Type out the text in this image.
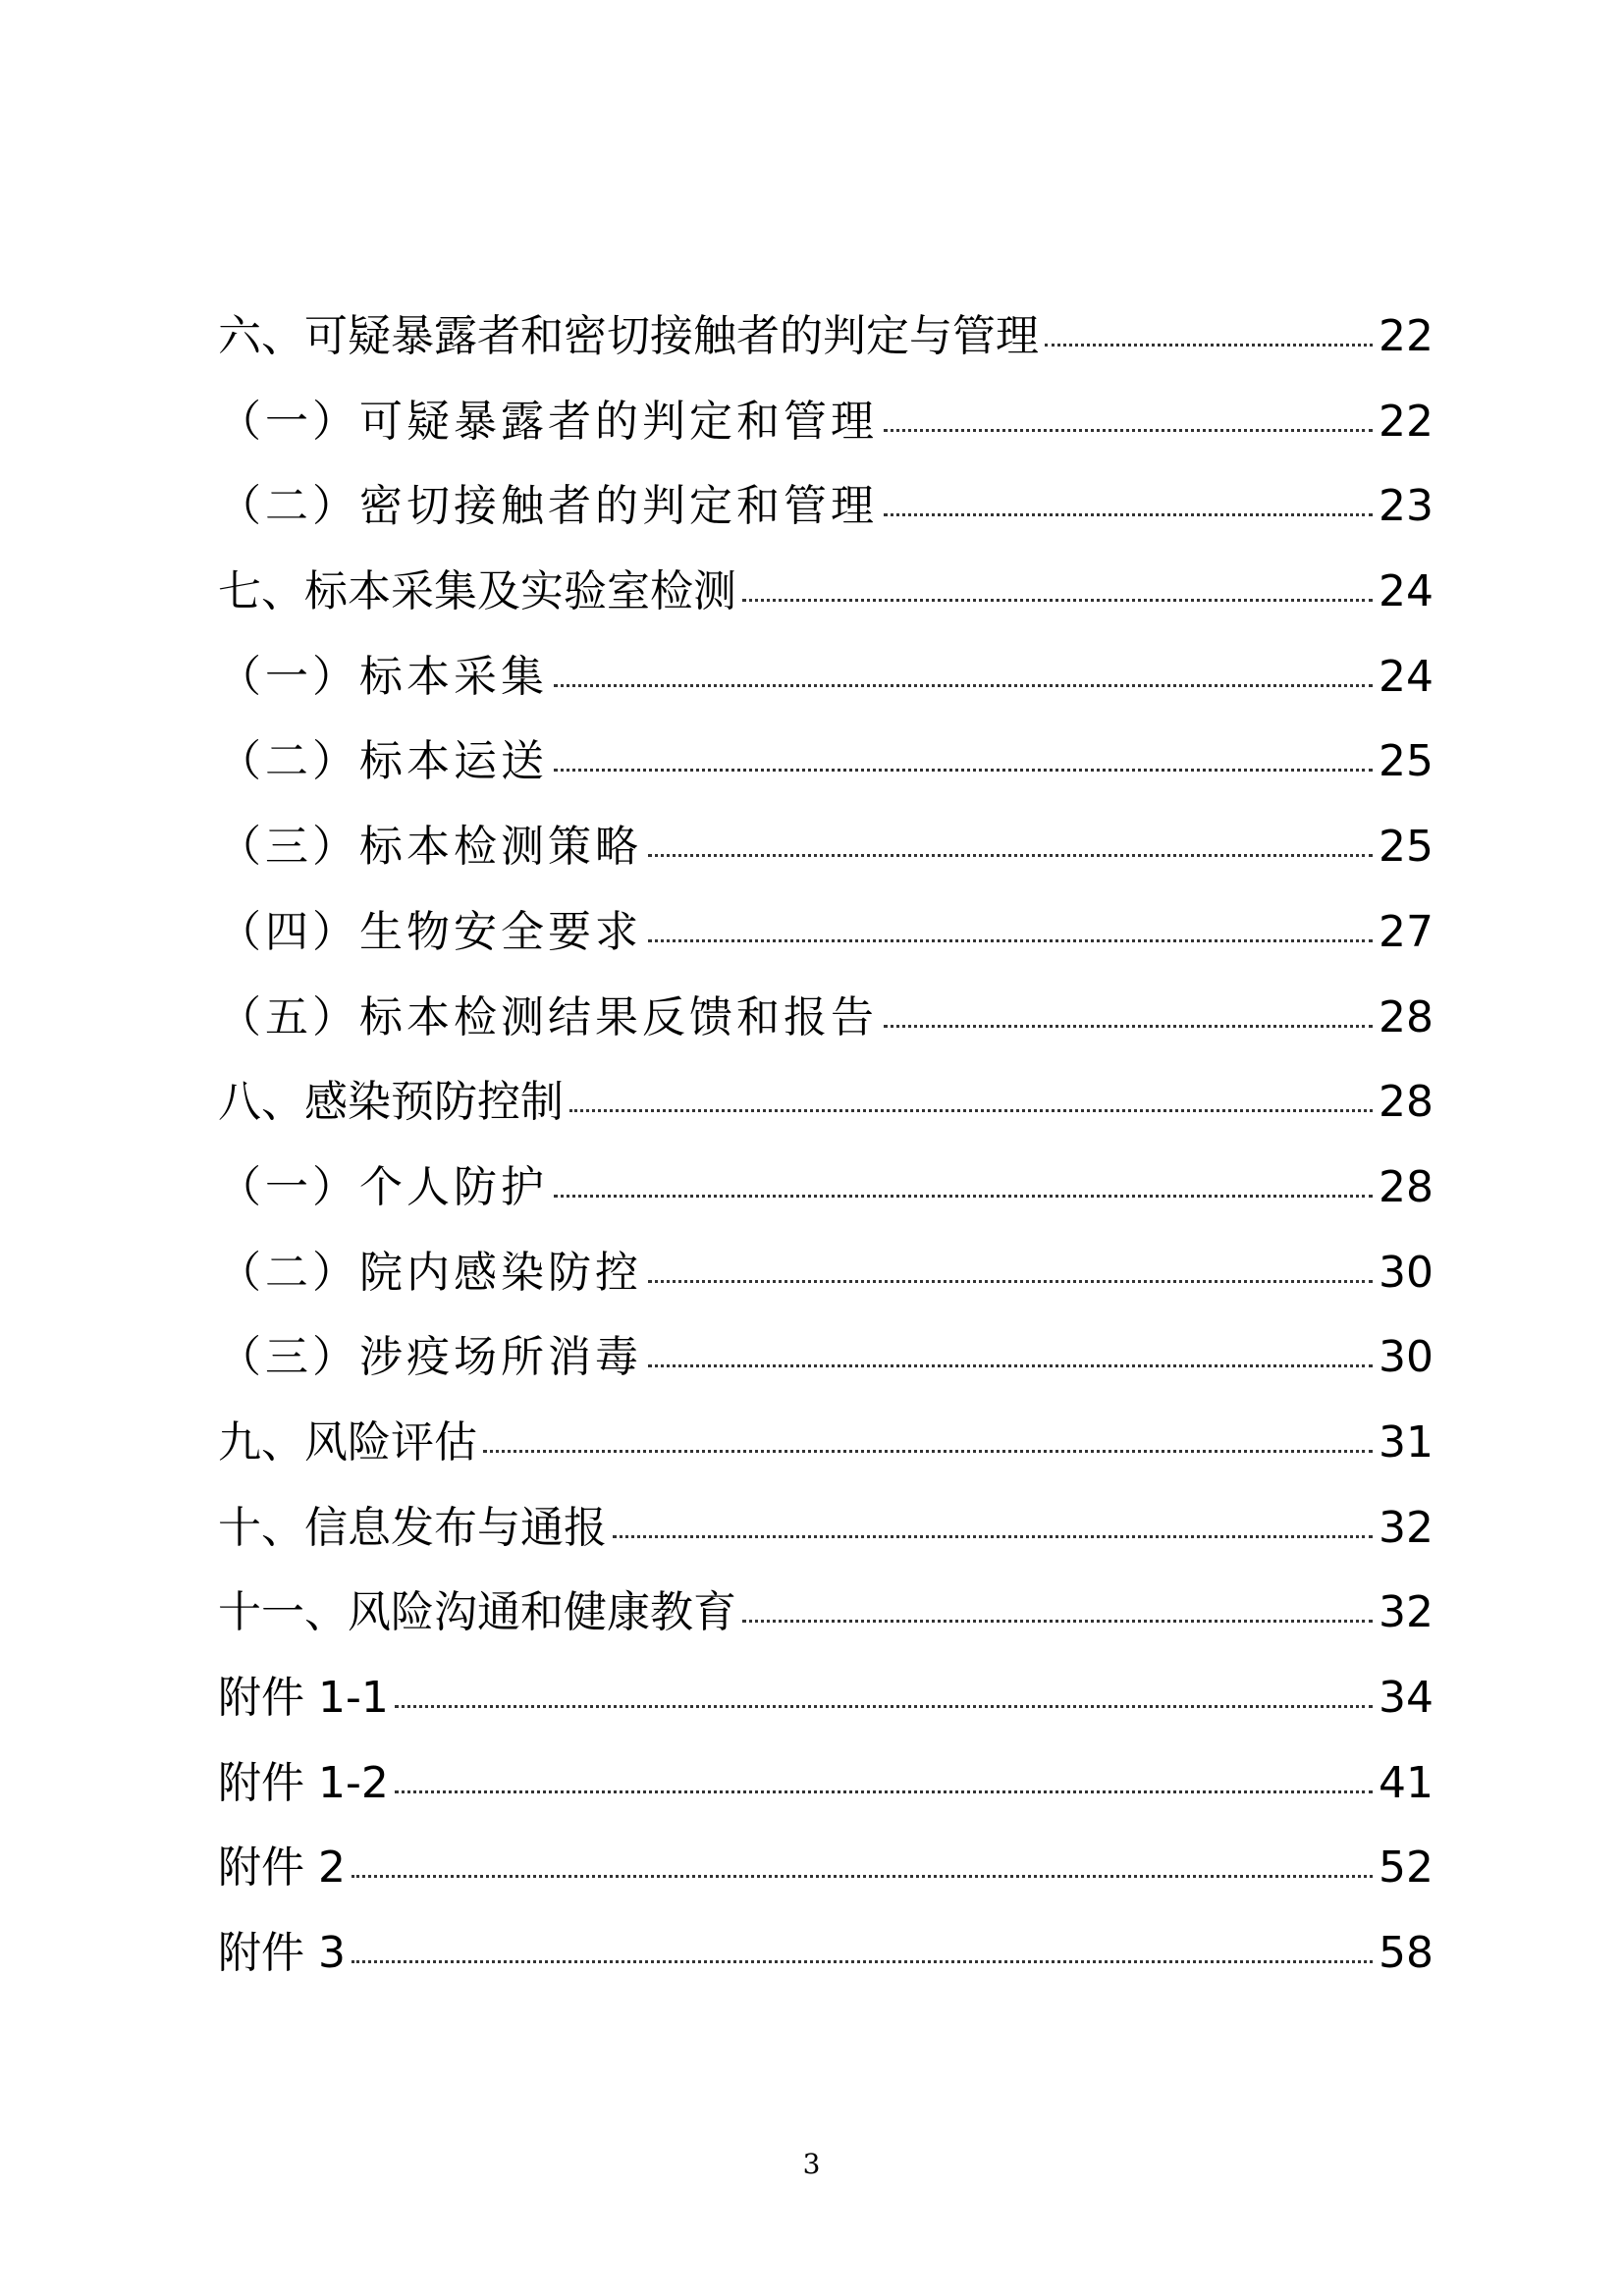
六、可疑暴露者和密切接触者的判定与管理	22
（一）可疑暴露者的判定和管理	22
（二）密切接触者的判定和管理	23
七、标本采集及实验室检测	24
（一）标本采集	24
（二）标本运送	25
（三）标本检测策略	25
（四）生物安全要求	27
（五）标本检测结果反馈和报告	28
八、感染预防控制	28
（一）个人防护	28
（二）院内感染防控	30
（三）涉疫场所消毒	30
九、风险评估	31
十、信息发布与通报	32
十一、风险沟通和健康教育	32
附件 1-1	34
附件 1-2	41
附件 2	52
附件 3	58
3
